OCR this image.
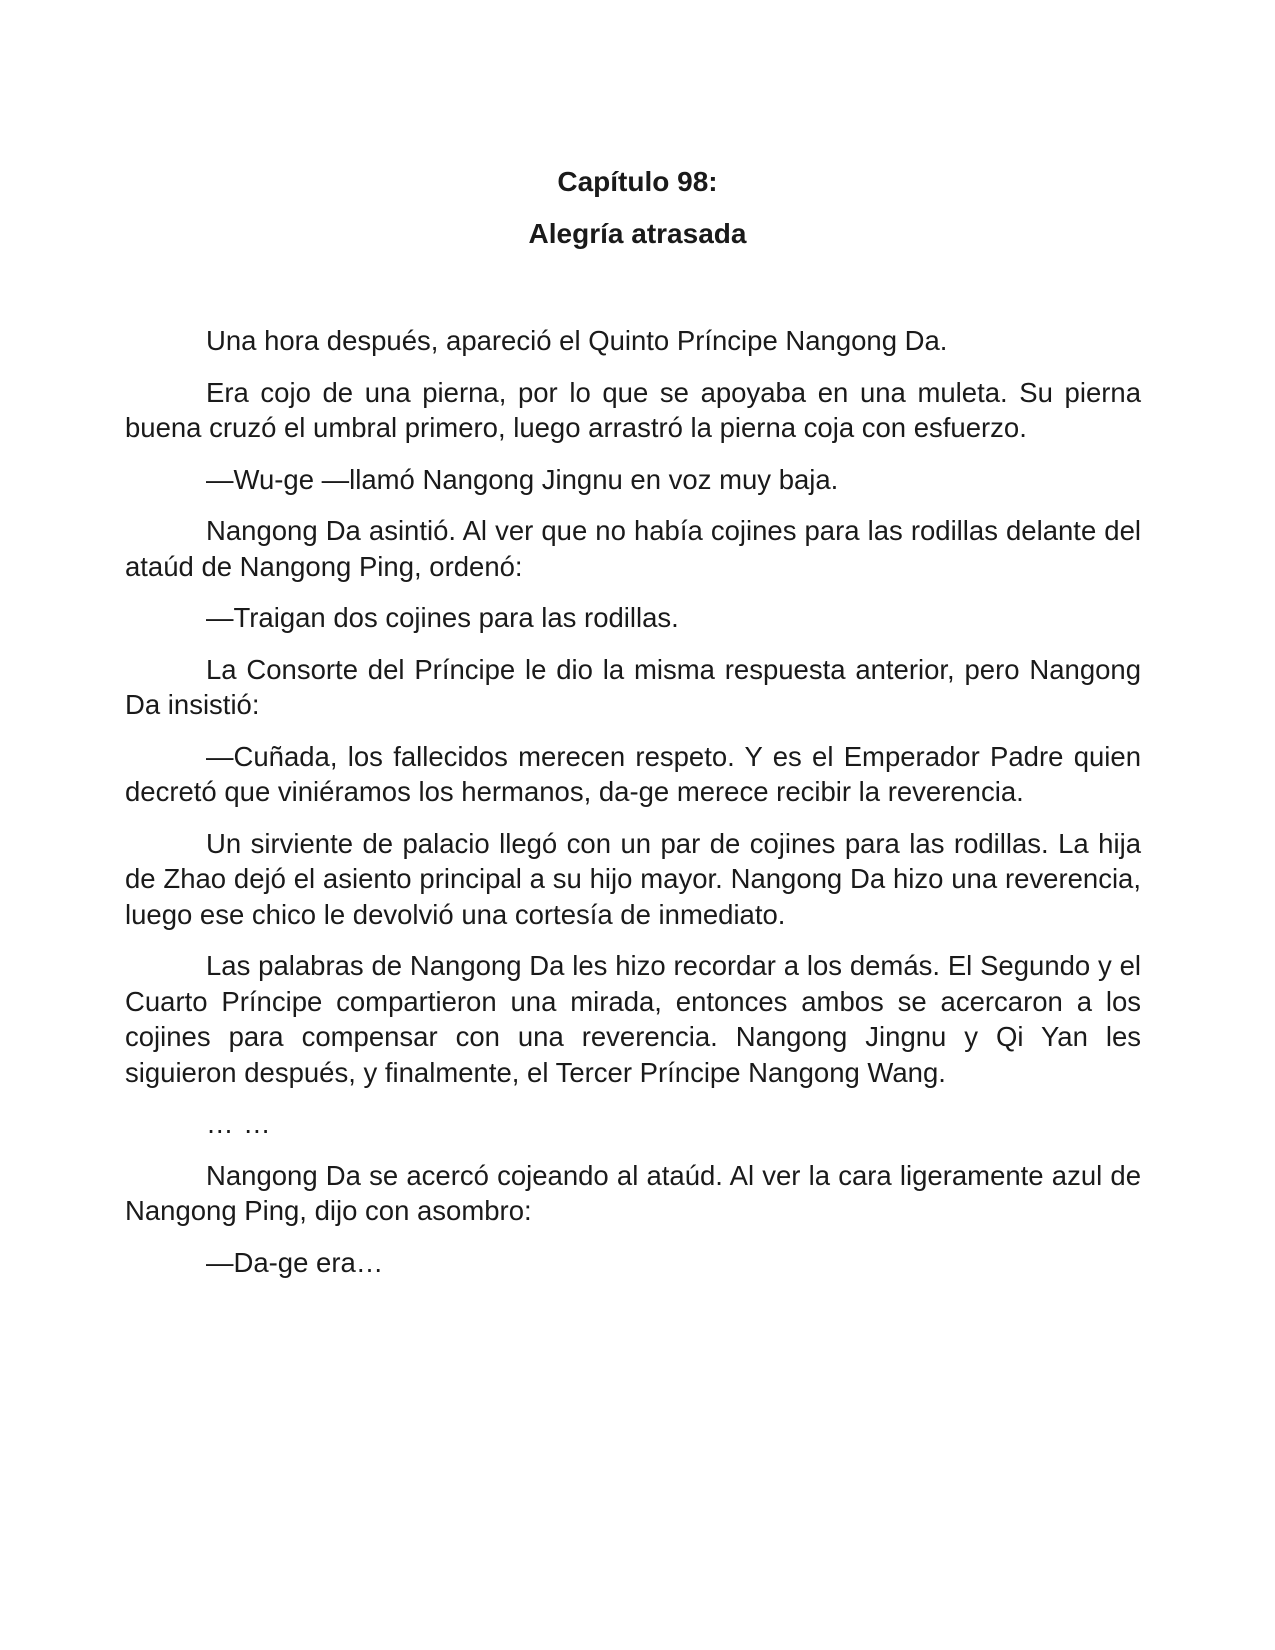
Capítulo 98:
Alegría atrasada

Una hora después, apareció el Quinto Príncipe Nangong Da.

Era cojo de una pierna, por lo que se apoyaba en una muleta. Su pierna buena cruzó el umbral primero, luego arrastró la pierna coja con esfuerzo.

—Wu-ge —llamó Nangong Jingnu en voz muy baja.

Nangong Da asintió. Al ver que no había cojines para las rodillas delante del ataúd de Nangong Ping, ordenó:

—Traigan dos cojines para las rodillas.

La Consorte del Príncipe le dio la misma respuesta anterior, pero Nangong Da insistió:

—Cuñada, los fallecidos merecen respeto. Y es el Emperador Padre quien decretó que viniéramos los hermanos, da-ge merece recibir la reverencia.

Un sirviente de palacio llegó con un par de cojines para las rodillas. La hija de Zhao dejó el asiento principal a su hijo mayor. Nangong Da hizo una reverencia, luego ese chico le devolvió una cortesía de inmediato.

Las palabras de Nangong Da les hizo recordar a los demás. El Segundo y el Cuarto Príncipe compartieron una mirada, entonces ambos se acercaron a los cojines para compensar con una reverencia. Nangong Jingnu y Qi Yan les siguieron después, y finalmente, el Tercer Príncipe Nangong Wang.

… …

Nangong Da se acercó cojeando al ataúd. Al ver la cara ligeramente azul de Nangong Ping, dijo con asombro:

—Da-ge era…
